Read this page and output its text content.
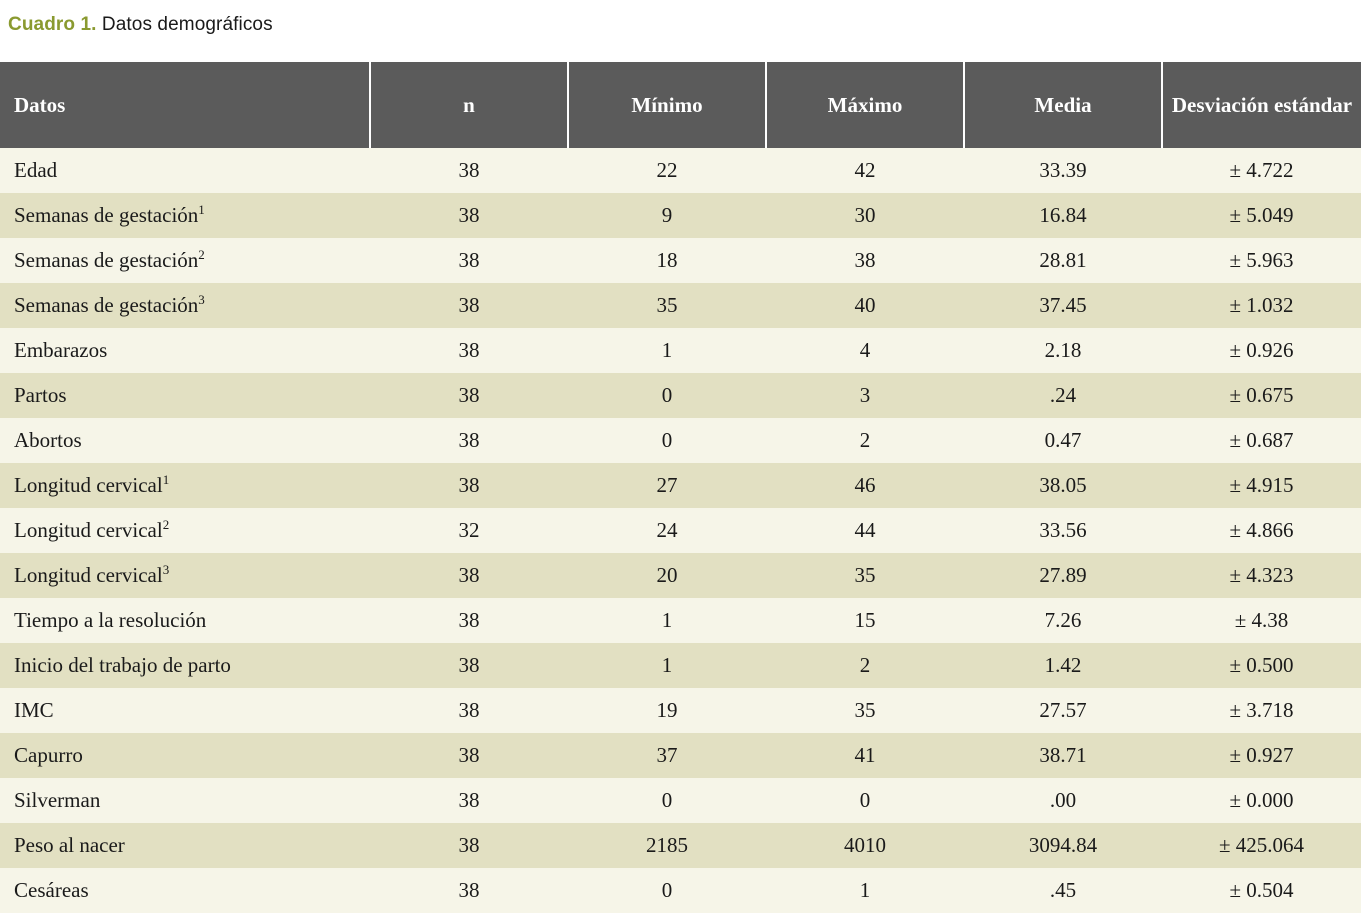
Cuadro 1. Datos demográficos
Datos	n	Mínimo	Máximo	Media	Desviación estándar
Edad	38	22	42	33.39	± 4.722
Semanas de gestación$^1$	38	9	30	16.84	± 5.049
Semanas de gestación$^2$	38	18	38	28.81	± 5.963
Semanas de gestación$^3$	38	35	40	37.45	± 1.032
Embarazos	38	1	4	2.18	± 0.926
Partos	38	0	3	.24	± 0.675
Abortos	38	0	2	0.47	± 0.687
Longitud cervical$^1$	38	27	46	38.05	± 4.915
Longitud cervical$^2$	32	24	44	33.56	± 4.866
Longitud cervical$^3$	38	20	35	27.89	± 4.323
Tiempo a la resolución	38	1	15	7.26	± 4.38
Inicio del trabajo de parto	38	1	2	1.42	± 0.500
IMC	38	19	35	27.57	± 3.718
Capurro	38	37	41	38.71	± 0.927
Silverman	38	0	0	.00	± 0.000
Peso al nacer	38	2185	4010	3094.84	± 425.064
Cesáreas	38	0	1	.45	± 0.504
